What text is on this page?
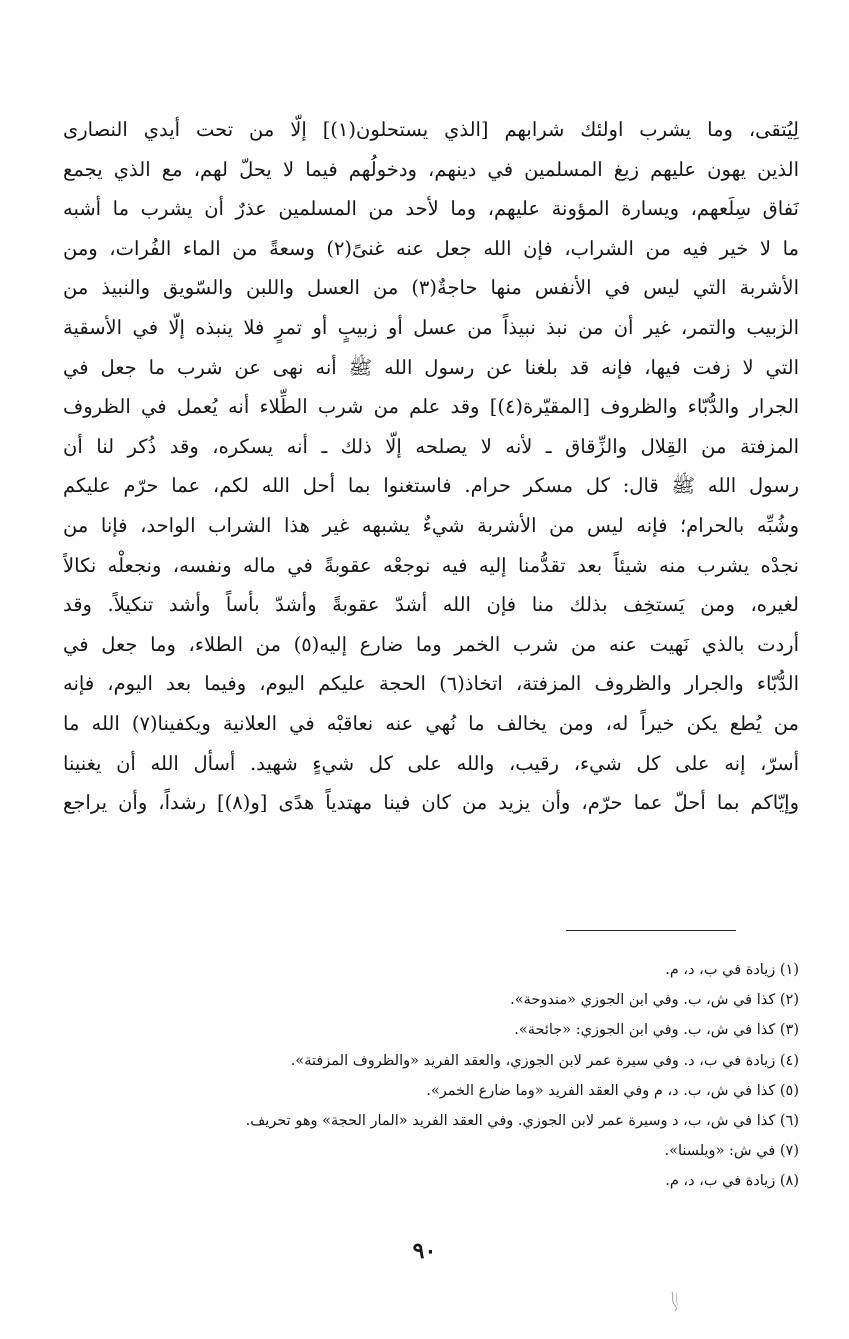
لِيُتقى، وما يشرب اولئك شرابهم [الذي يستحلون(١)] إلّا من تحت أيدي النصارى
الذين يهون عليهم زيغ المسلمين في دينهم، ودخولُهم فيما لا يحلّ لهم، مع الذي يجمع
نَفاق سِلَعهم، ويسارة المؤونة عليهم، وما لأحد من المسلمين عذرٌ أن يشرب ما أشبه
ما لا خير فيه من الشراب، فإن الله جعل عنه غنىً(٢) وسعةً من الماء الفُرات، ومن
الأشربة التي ليس في الأنفس منها حاجةٌ(٣) من العسل واللبن والسّويق والنبيذ من
الزبيب والتمر، غير أن من نبذ نبيذاً من عسل أو زبيبٍ أو تمرٍ فلا ينبذه إلّا في الأسقية
التي لا زفت فيها، فإنه قد بلغنا عن رسول الله ﷺ أنه نهى عن شرب ما جعل في
الجرار والدُّبّاء والظروف [المقيّرة(٤)] وقد علم من شرب الطِّلاء أنه يُعمل في الظروف
المزفتة من القِلال والزِّقاق ـ لأنه لا يصلحه إلّا ذلك ـ أنه يسكره، وقد ذُكر لنا أن
رسول الله ﷺ قال: كل مسكر حرام. فاستغنوا بما أحل الله لكم، عما حرّم عليكم
وشُبِّه بالحرام؛ فإنه ليس من الأشربة شيءٌ يشبهه غير هذا الشراب الواحد، فإنا من
نجدْه يشرب منه شيئاً بعد تقدُّمنا إليه فيه نوجعْه عقوبةً في ماله ونفسه، ونجعلْه نكالاً
لغيره، ومن يَستخِف بذلك منا فإن الله أشدّ عقوبةً وأشدّ بأساً وأشد تنكيلاً. وقد
أردت بالذي نَهيت عنه من شرب الخمر وما ضارع إليه(٥) من الطلاء، وما جعل في
الدُّبّاء والجرار والظروف المزفتة، اتخاذ(٦) الحجة عليكم اليوم، وفيما بعد اليوم، فإنه
من يُطع يكن خيراً له، ومن يخالف ما نُهي عنه نعاقبْه في العلانية ويكفينا(٧) الله ما
أسرّ، إنه على كل شيء، رقيب، والله على كل شيءٍ شهيد. أسأل الله أن يغنينا
وإيّاكم بما أحلّ عما حرّم، وأن يزيد من كان فينا مهتدياً هدًى [و(٨)] رشداً، وأن يراجع
(١) زيادة في ب، د، م.
(٢) كذا في ش، ب. وفي ابن الجوزي «مندوحة».
(٣) كذا في ش، ب. وفي ابن الجوزي: «جائحة».
(٤) زيادة في ب، د. وفي سيرة عمر لابن الجوزي، والعقد الفريد «والظروف المزفتة».
(٥) كذا في ش، ب. د، م وفي العقد الفريد «وما ضارع الخمر».
(٦) كذا في ش، ب، د وسيرة عمر لابن الجوزي. وفي العقد الفريد «المار الحجة» وهو تحريف.
(٧) في ش: «ويلسنا».
(٨) زيادة في ب، د، م.
٩٠
